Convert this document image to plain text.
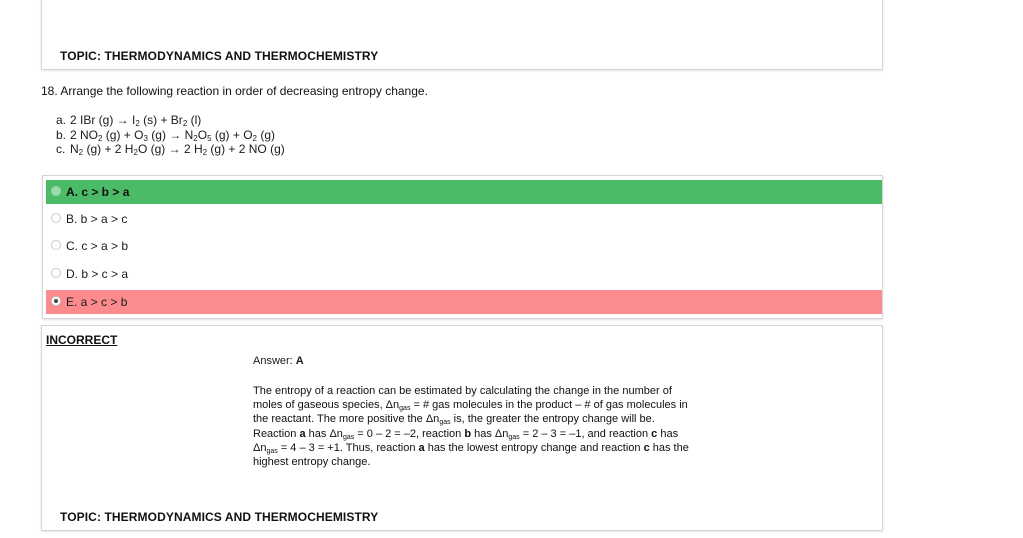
TOPIC: THERMODYNAMICS AND THERMOCHEMISTRY
18. Arrange the following reaction in order of decreasing entropy change.
a. 2 IBr $(g) \to I_2$ $(s) + Br_2$ (l)
b. 2 $NO_2$ $(g) + O_3$ $(g) \to N_2O_5$ $(g) + O_2$ (g)
c. $N_2$ (g) + 2 $H_2O$ (g) → 2 $H_2$ (g) + 2 NO (g)
A. c > b > a
B. b > a > c
C. c > a > b
D. b > c > a
E. a > c > b
INCORRECT
Answer: A
The entropy of a reaction can be estimated by calculating the change in the number of moles of gaseous species, $\Delta n_{gas}$ = # gas molecules in the product – # of gas molecules in the reactant. The more positive the $\Delta n_{gas}$ is, the greater the entropy change will be. Reaction a has $\Delta n_{gas} = 0 - 2 = -2$, reaction b has $\Delta n_{gas} = 2 - 3 = -1$, and reaction c has $\Delta n_{gas} = 4 - 3 = +1$. Thus, reaction a has the lowest entropy change and reaction c has the highest entropy change.
TOPIC: THERMODYNAMICS AND THERMOCHEMISTRY
